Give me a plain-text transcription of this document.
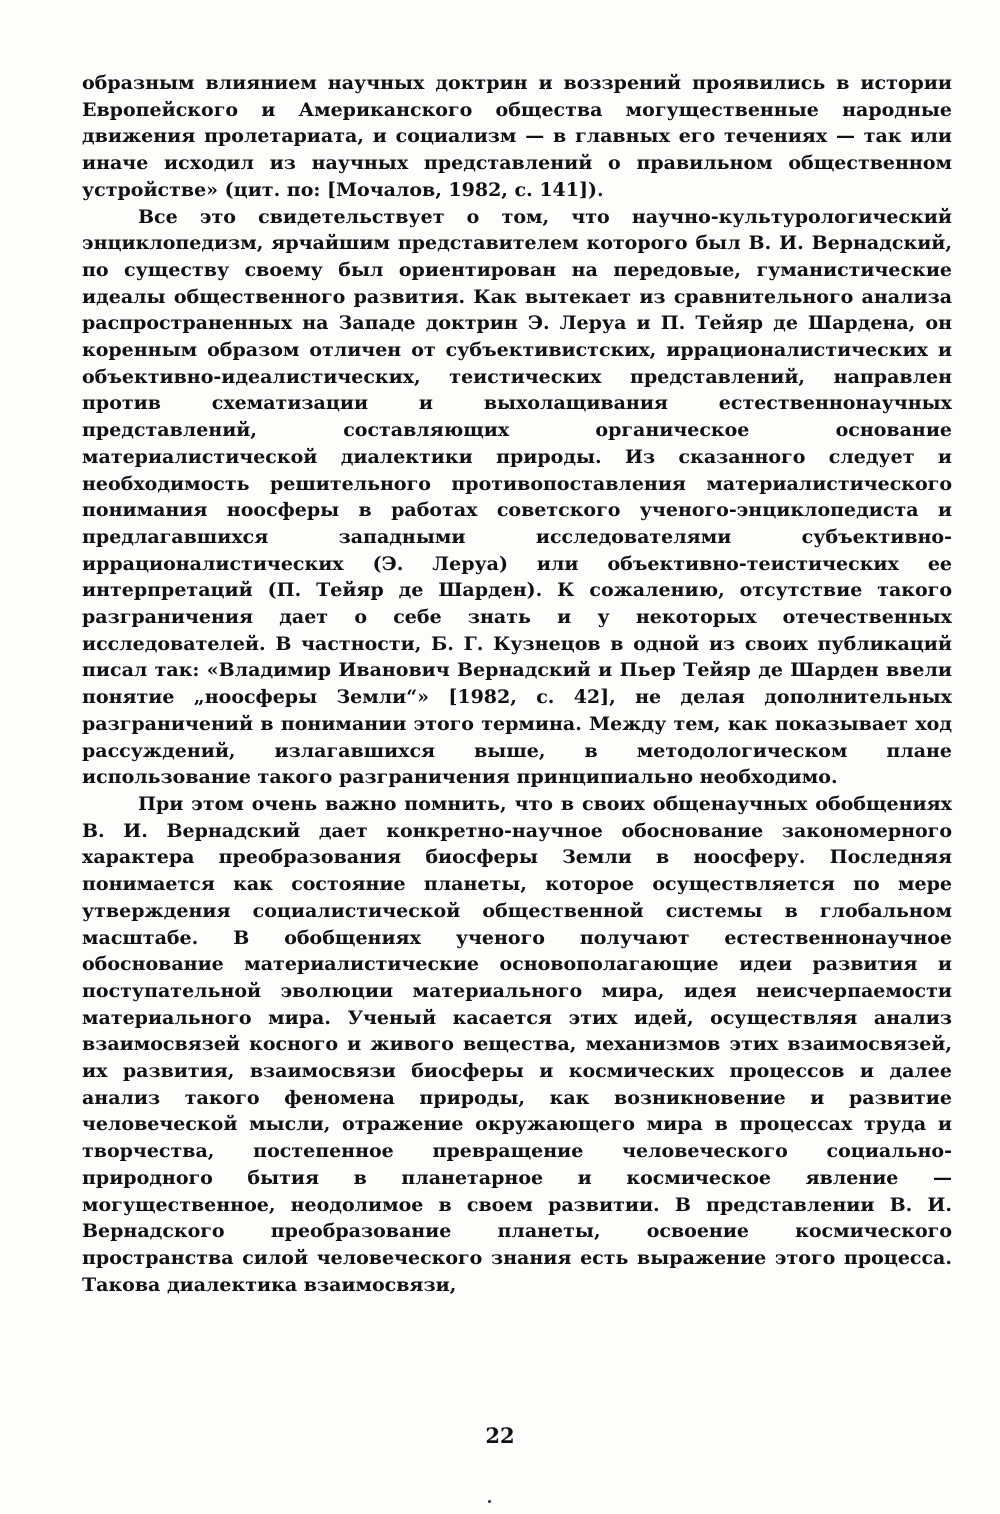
образным влиянием научных доктрин и воззрений проявились в истории Европейского и Американского общества могущественные народные движения пролетариата, и социализм — в главных его течениях — так или иначе исходил из научных представлений о правильном общественном устройстве» (цит. по: [Мочалов, 1982, с. 141]).

Все это свидетельствует о том, что научно-культурологический энциклопедизм, ярчайшим представителем которого был В. И. Вернадский, по существу своему был ориентирован на передовые, гуманистические идеалы общественного развития. Как вытекает из сравнительного анализа распространенных на Западе доктрин Э. Леруа и П. Тейяр де Шардена, он коренным образом отличен от субъективистских, иррационалистических и объективно-идеалистических, теистических представлений, направлен против схематизации и выхолащивания естественнонаучных представлений, составляющих органическое основание материалистической диалектики природы. Из сказанного следует и необходимость решительного противопоставления материалистического понимания ноосферы в работах советского ученого-энциклопедиста и предлагавшихся западными исследователями субъективно-иррационалистических (Э. Леруа) или объективно-теистических ее интерпретаций (П. Тейяр де Шарден). К сожалению, отсутствие такого разграничения дает о себе знать и у некоторых отечественных исследователей. В частности, Б. Г. Кузнецов в одной из своих публикаций писал так: «Владимир Иванович Вернадский и Пьер Тейяр де Шарден ввели понятие „ноосферы Земли“» [1982, с. 42], не делая дополнительных разграничений в понимании этого термина. Между тем, как показывает ход рассуждений, излагавшихся выше, в методологическом плане использование такого разграничения принципиально необходимо.

При этом очень важно помнить, что в своих общенаучных обобщениях В. И. Вернадский дает конкретно-научное обоснование закономерного характера преобразования биосферы Земли в ноосферу. Последняя понимается как состояние планеты, которое осуществляется по мере утверждения социалистической общественной системы в глобальном масштабе. В обобщениях ученого получают естественнонаучное обоснование материалистические основополагающие идеи развития и поступательной эволюции материального мира, идея неисчерпаемости материального мира. Ученый касается этих идей, осуществляя анализ взаимосвязей косного и живого вещества, механизмов этих взаимосвязей, их развития, взаимосвязи биосферы и космических процессов и далее анализ такого феномена природы, как возникновение и развитие человеческой мысли, отражение окружающего мира в процессах труда и творчества, постепенное превращение человеческого социально-природного бытия в планетарное и космическое явление — могущественное, неодолимое в своем развитии. В представлении В. И. Вернадского преобразование планеты, освоение космического пространства силой человеческого знания есть выражение этого процесса. Такова диалектика взаимосвязи,

22
